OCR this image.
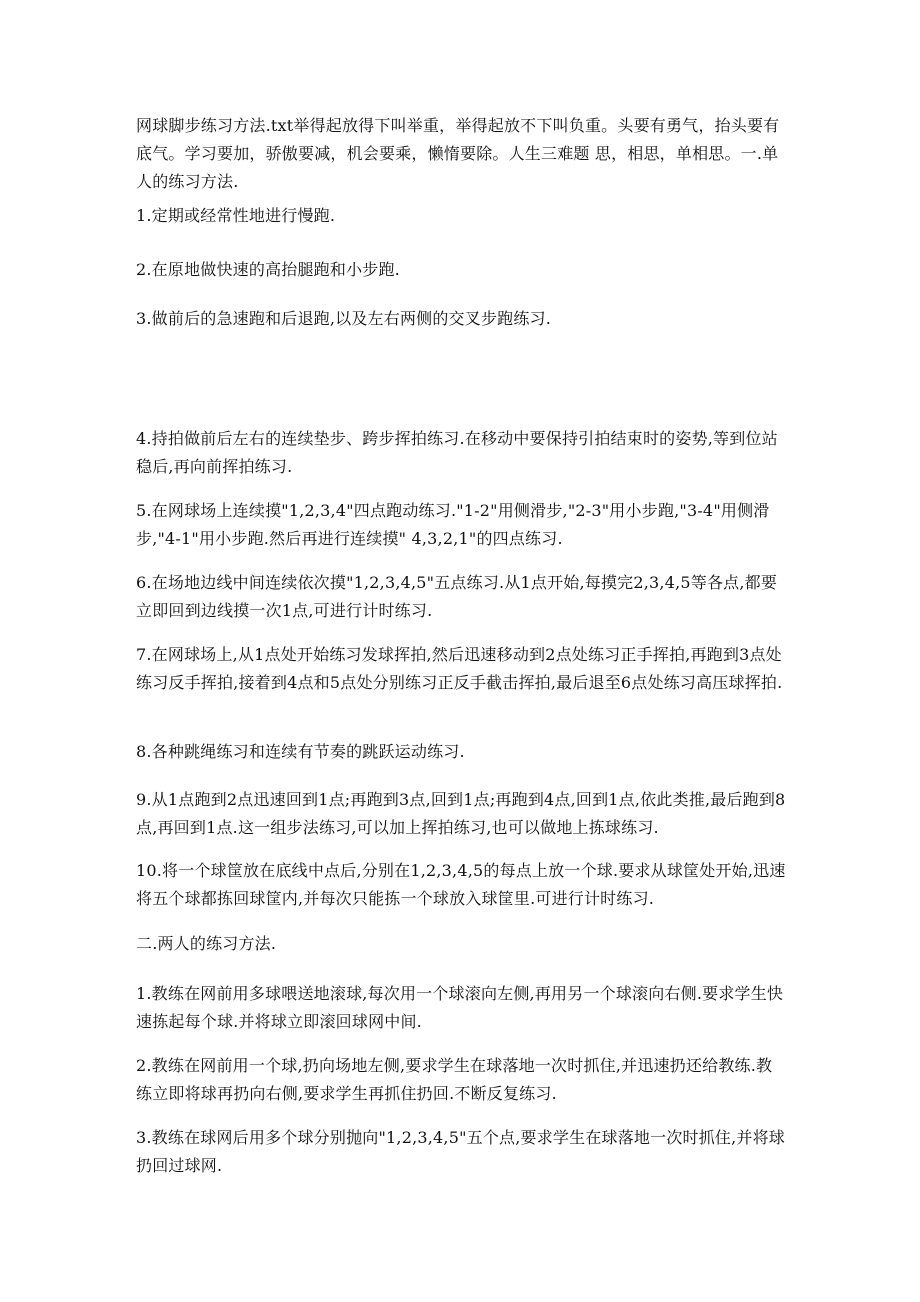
网球脚步练习方法.txt举得起放得下叫举重，举得起放不下叫负重。头要有勇气，抬头要有底气。学习要加，骄傲要减，机会要乘，懒惰要除。人生三难题 思，相思，单相思。一.单人的练习方法.

1.定期或经常性地进行慢跑.

2.在原地做快速的高抬腿跑和小步跑.

3.做前后的急速跑和后退跑,以及左右两侧的交叉步跑练习.

4.持拍做前后左右的连续垫步、跨步挥拍练习.在移动中要保持引拍结束时的姿势,等到位站稳后,再向前挥拍练习.

5.在网球场上连续摸"1,2,3,4"四点跑动练习."1-2"用侧滑步,"2-3"用小步跑,"3-4"用侧滑步,"4-1"用小步跑.然后再进行连续摸" 4,3,2,1"的四点练习.

6.在场地边线中间连续依次摸"1,2,3,4,5"五点练习.从1点开始,每摸完2,3,4,5等各点,都要立即回到边线摸一次1点,可进行计时练习.

7.在网球场上,从1点处开始练习发球挥拍,然后迅速移动到2点处练习正手挥拍,再跑到3点处练习反手挥拍,接着到4点和5点处分别练习正反手截击挥拍,最后退至6点处练习高压球挥拍.

8.各种跳绳练习和连续有节奏的跳跃运动练习.

9.从1点跑到2点迅速回到1点;再跑到3点,回到1点;再跑到4点,回到1点,依此类推,最后跑到8点,再回到1点.这一组步法练习,可以加上挥拍练习,也可以做地上拣球练习.

10.将一个球筐放在底线中点后,分别在1,2,3,4,5的每点上放一个球.要求从球筐处开始,迅速将五个球都拣回球筐内,并每次只能拣一个球放入球筐里.可进行计时练习.

二.两人的练习方法.

1.教练在网前用多球喂送地滚球,每次用一个球滚向左侧,再用另一个球滚向右侧.要求学生快速拣起每个球.并将球立即滚回球网中间.

2.教练在网前用一个球,扔向场地左侧,要求学生在球落地一次时抓住,并迅速扔还给教练.教练立即将球再扔向右侧,要求学生再抓住扔回.不断反复练习.

3.教练在球网后用多个球分别抛向"1,2,3,4,5"五个点,要求学生在球落地一次时抓住,并将球扔回过球网.
